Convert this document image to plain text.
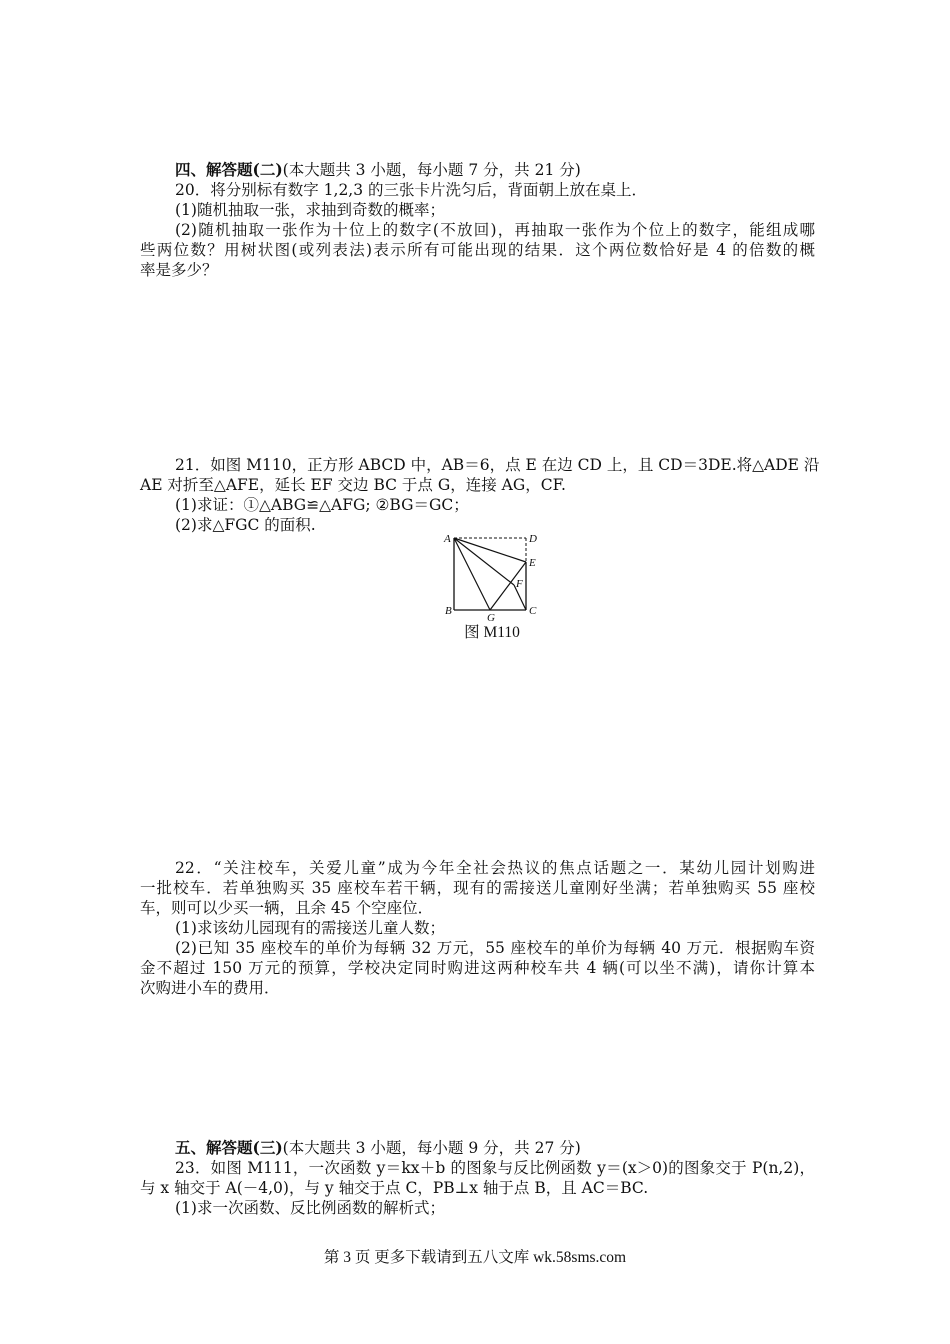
四、解答题(二)(本大题共 3 小题，每小题 7 分，共 21 分)
20．将分别标有数字 1,2,3 的三张卡片洗匀后，背面朝上放在桌上．
(1)随机抽取一张，求抽到奇数的概率；
(2)随机抽取一张作为十位上的数字(不放回)，再抽取一张作为个位上的数字，能组成哪
些两位数？用树状图(或列表法)表示所有可能出现的结果．这个两位数恰好是 4 的倍数的概
率是多少？
21．如图 M110，正方形 ABCD 中，AB＝6，点 E 在边 CD 上，且 CD＝3DE.将△ADE 沿
AE 对折至△AFE，延长 EF 交边 BC 于点 G，连接 AG，CF.
(1)求证：①△ABG≌△AFG; ②BG＝GC；
(2)求△FGC 的面积.
A	D
E
F
B
G
C
图 M110
22．“关注校车，关爱儿童”成为今年全社会热议的焦点话题之一．某幼儿园计划购进
一批校车．若单独购买 35 座校车若干辆，现有的需接送儿童刚好坐满；若单独购买 55 座校
车，则可以少买一辆，且余 45 个空座位．
(1)求该幼儿园现有的需接送儿童人数；
(2)已知 35 座校车的单价为每辆 32 万元，55 座校车的单价为每辆 40 万元．根据购车资
金不超过 150 万元的预算，学校决定同时购进这两种校车共 4 辆(可以坐不满)，请你计算本
次购进小车的费用．
五、解答题(三)(本大题共 3 小题，每小题 9 分，共 27 分)
23．如图 M111，一次函数 y＝kx＋b 的图象与反比例函数 y＝(x＞0)的图象交于 P(n,2)，
与 x 轴交于 A(－4,0)，与 y 轴交于点 C，PB⊥x 轴于点 B，且 AC＝BC.
(1)求一次函数、反比例函数的解析式；
第 3 页 更多下载请到五八文库 wk.58sms.com
